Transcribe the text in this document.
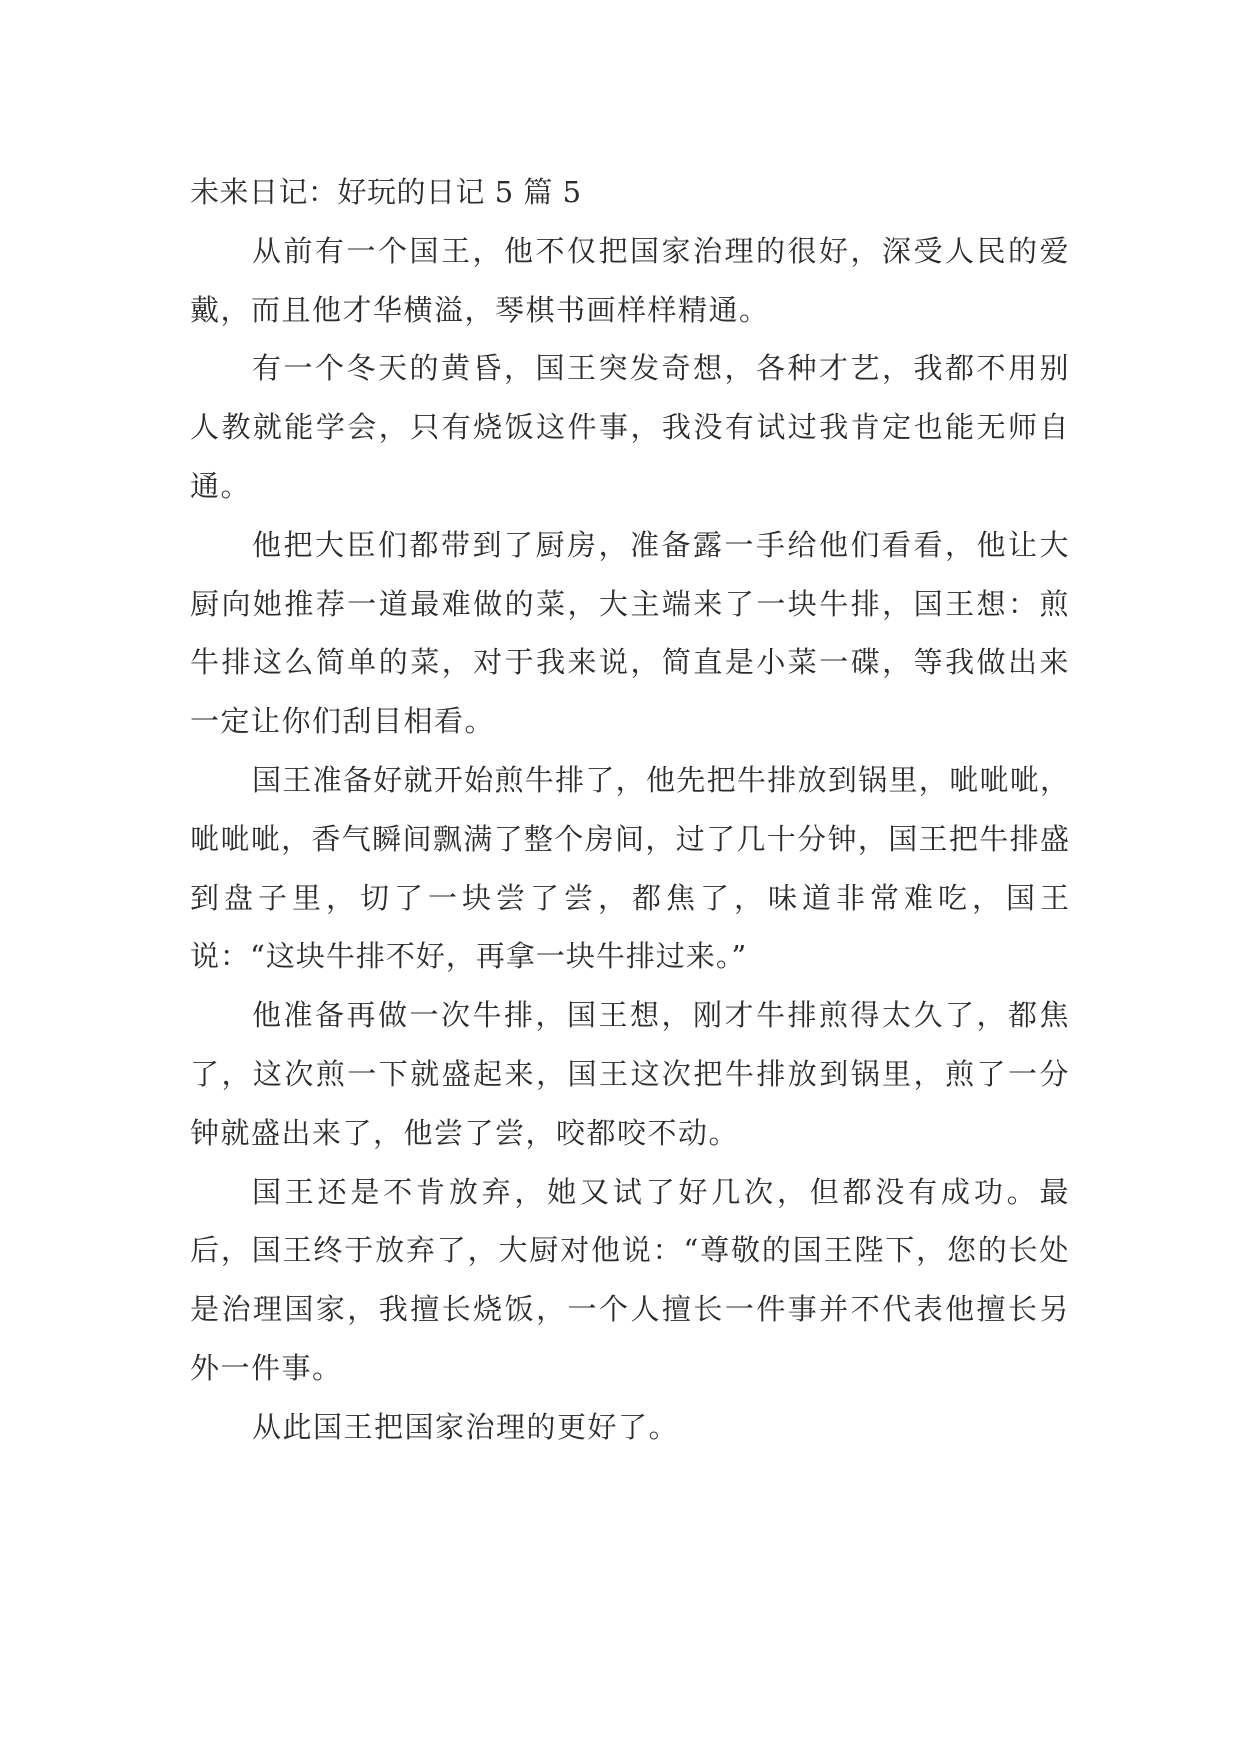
未来日记：好玩的日记 5 篇 5

从前有一个国王，他不仅把国家治理的很好，深受人民的爱戴，而且他才华横溢，琴棋书画样样精通。

有一个冬天的黄昏，国王突发奇想，各种才艺，我都不用别人教就能学会，只有烧饭这件事，我没有试过我肯定也能无师自通。

他把大臣们都带到了厨房，准备露一手给他们看看，他让大厨向她推荐一道最难做的菜，大主端来了一块牛排，国王想：煎牛排这么简单的菜，对于我来说，简直是小菜一碟，等我做出来一定让你们刮目相看。

国王准备好就开始煎牛排了，他先把牛排放到锅里，呲呲呲，呲呲呲，香气瞬间飘满了整个房间，过了几十分钟，国王把牛排盛到盘子里，切了一块尝了尝，都焦了，味道非常难吃，国王说：“这块牛排不好，再拿一块牛排过来。”

他准备再做一次牛排，国王想，刚才牛排煎得太久了，都焦了，这次煎一下就盛起来，国王这次把牛排放到锅里，煎了一分钟就盛出来了，他尝了尝，咬都咬不动。

国王还是不肯放弃，她又试了好几次，但都没有成功。最后，国王终于放弃了，大厨对他说：“尊敬的国王陛下，您的长处是治理国家，我擅长烧饭，一个人擅长一件事并不代表他擅长另外一件事。

从此国王把国家治理的更好了。
